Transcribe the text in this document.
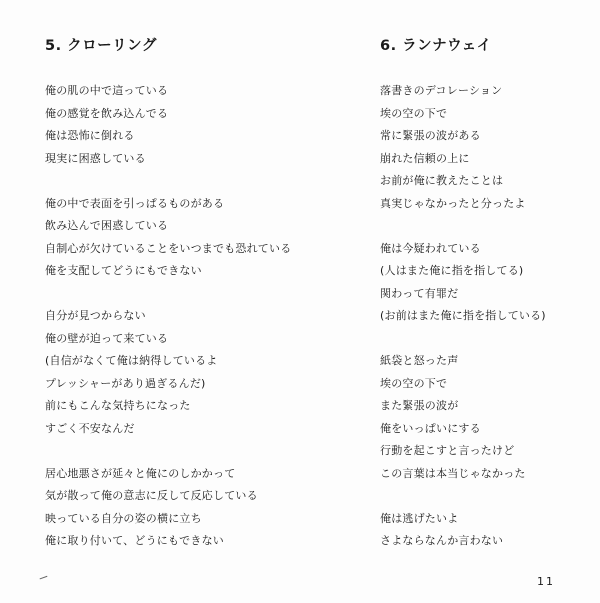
5. クローリング
俺の肌の中で這っている
俺の感覚を飲み込んでる
俺は恐怖に倒れる
現実に困惑している
俺の中で表面を引っぱるものがある
飲み込んで困惑している
自制心が欠けていることをいつまでも恐れている
俺を支配してどうにもできない
自分が見つからない
俺の壁が迫って来ている
(自信がなくて俺は納得しているよ
プレッシャーがあり過ぎるんだ)
前にもこんな気持ちになった
すごく不安なんだ
居心地悪さが延々と俺にのしかかって
気が散って俺の意志に反して反応している
映っている自分の姿の横に立ち
俺に取り付いて、どうにもできない
6. ランナウェイ
落書きのデコレーション
埃の空の下で
常に緊張の波がある
崩れた信頼の上に
お前が俺に教えたことは
真実じゃなかったと分ったよ
俺は今疑われている
(人はまた俺に指を指してる)
関わって有罪だ
(お前はまた俺に指を指している)
紙袋と怒った声
埃の空の下で
また緊張の波が
俺をいっぱいにする
行動を起こすと言ったけど
この言葉は本当じゃなかった
俺は逃げたいよ
さよならなんか言わない
11
